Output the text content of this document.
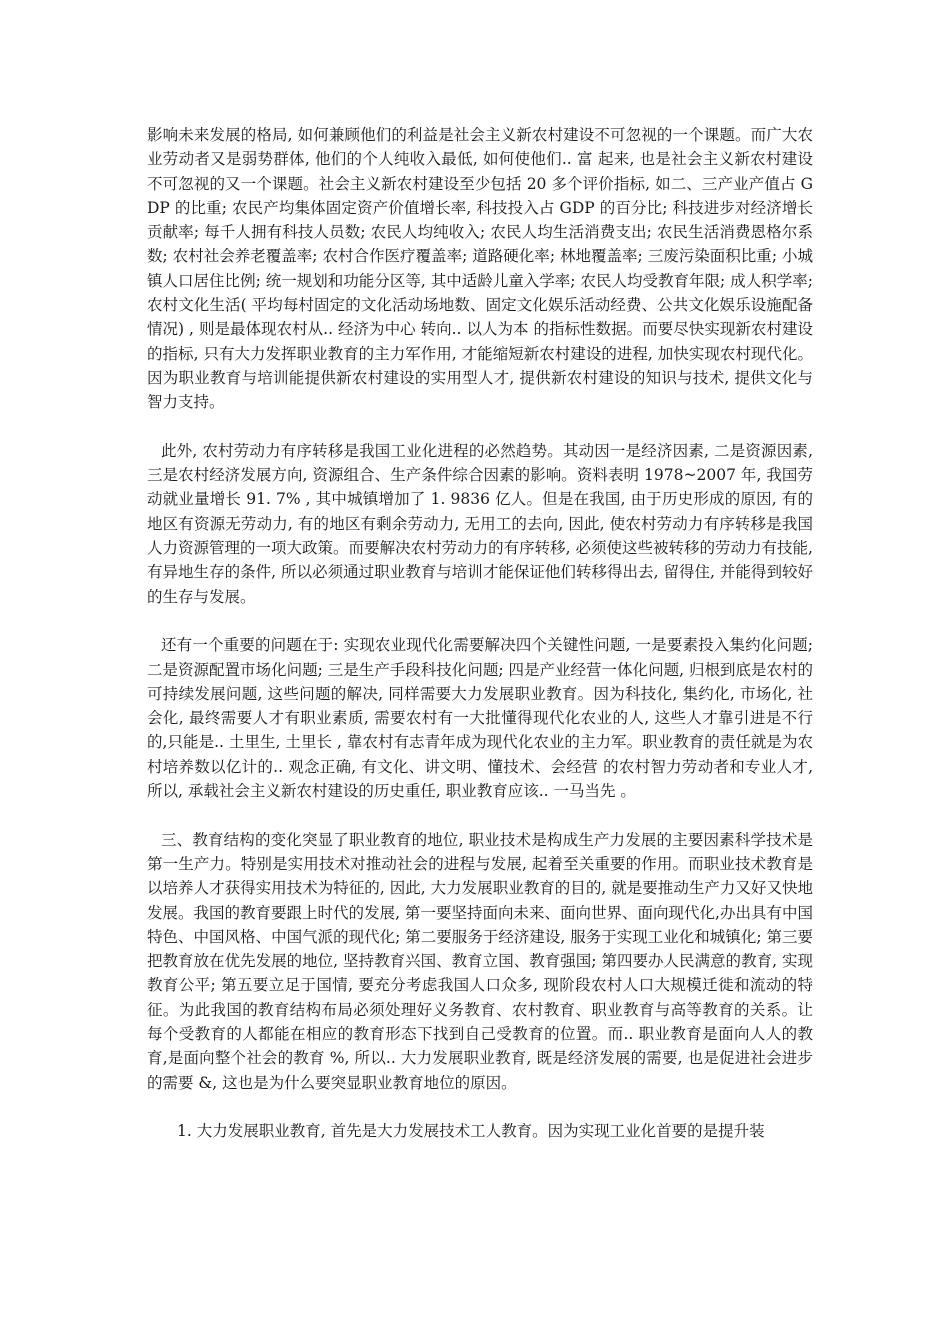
影响未来发展的格局, 如何兼顾他们的利益是社会主义新农村建设不可忽视的一个课题。而广大农业劳动者又是弱势群体, 他们的个人纯收入最低, 如何使他们.. 富 起来, 也是社会主义新农村建设不可忽视的又一个课题。社会主义新农村建设至少包括 20 多个评价指标, 如二、三产业产值占 GDP 的比重; 农民产均集体固定资产价值增长率, 科技投入占 GDP 的百分比; 科技进步对经济增长贡献率; 每千人拥有科技人员数; 农民人均纯收入; 农民人均生活消费支出; 农民生活消费恩格尔系数; 农村社会养老覆盖率; 农村合作医疗覆盖率; 道路硬化率; 林地覆盖率; 三废污染面积比重; 小城镇人口居住比例; 统一规划和功能分区等, 其中适龄儿童入学率; 农民人均受教育年限; 成人积学率; 农村文化生活( 平均每村固定的文化活动场地数、固定文化娱乐活动经费、公共文化娱乐设施配备情况) , 则是最体现农村从.. 经济为中心 转向.. 以人为本 的指标性数据。而要尽快实现新农村建设的指标, 只有大力发挥职业教育的主力军作用, 才能缩短新农村建设的进程, 加快实现农村现代化。因为职业教育与培训能提供新农村建设的实用型人才, 提供新农村建设的知识与技术, 提供文化与智力支持。

此外, 农村劳动力有序转移是我国工业化进程的必然趋势。其动因一是经济因素, 二是资源因素,三是农村经济发展方向, 资源组合、生产条件综合因素的影响。资料表明 1978~2007 年, 我国劳动就业量增长 91. 7% , 其中城镇增加了 1. 9836 亿人。但是在我国, 由于历史形成的原因, 有的地区有资源无劳动力, 有的地区有剩余劳动力, 无用工的去向, 因此, 使农村劳动力有序转移是我国人力资源管理的一项大政策。而要解决农村劳动力的有序转移, 必须使这些被转移的劳动力有技能, 有异地生存的条件, 所以必须通过职业教育与培训才能保证他们转移得出去, 留得住, 并能得到较好的生存与发展。

还有一个重要的问题在于: 实现农业现代化需要解决四个关键性问题, 一是要素投入集约化问题; 二是资源配置市场化问题; 三是生产手段科技化问题; 四是产业经营一体化问题, 归根到底是农村的可持续发展问题, 这些问题的解决, 同样需要大力发展职业教育。因为科技化, 集约化, 市场化, 社会化, 最终需要人才有职业素质, 需要农村有一大批懂得现代化农业的人, 这些人才靠引进是不行的,只能是.. 土里生, 土里长 , 靠农村有志青年成为现代化农业的主力军。职业教育的责任就是为农村培养数以亿计的.. 观念正确, 有文化、讲文明、懂技术、会经营 的农村智力劳动者和专业人才, 所以, 承载社会主义新农村建设的历史重任, 职业教育应该.. 一马当先 。

三、教育结构的变化突显了职业教育的地位, 职业技术是构成生产力发展的主要因素科学技术是第一生产力。特别是实用技术对推动社会的进程与发展, 起着至关重要的作用。而职业技术教育是以培养人才获得实用技术为特征的, 因此, 大力发展职业教育的目的, 就是要推动生产力又好又快地发展。我国的教育要跟上时代的发展, 第一要坚持面向未来、面向世界、面向现代化,办出具有中国特色、中国风格、中国气派的现代化; 第二要服务于经济建设, 服务于实现工业化和城镇化; 第三要把教育放在优先发展的地位, 坚持教育兴国、教育立国、教育强国; 第四要办人民满意的教育, 实现教育公平; 第五要立足于国情, 要充分考虑我国人口众多, 现阶段农村人口大规模迁徙和流动的特征。为此我国的教育结构布局必须处理好义务教育、农村教育、职业教育与高等教育的关系。让每个受教育的人都能在相应的教育形态下找到自己受教育的位置。而.. 职业教育是面向人人的教育,是面向整个社会的教育 %, 所以.. 大力发展职业教育, 既是经济发展的需要, 也是促进社会进步的需要 &, 这也是为什么要突显职业教育地位的原因。

1. 大力发展职业教育, 首先是大力发展技术工人教育。因为实现工业化首要的是提升装
